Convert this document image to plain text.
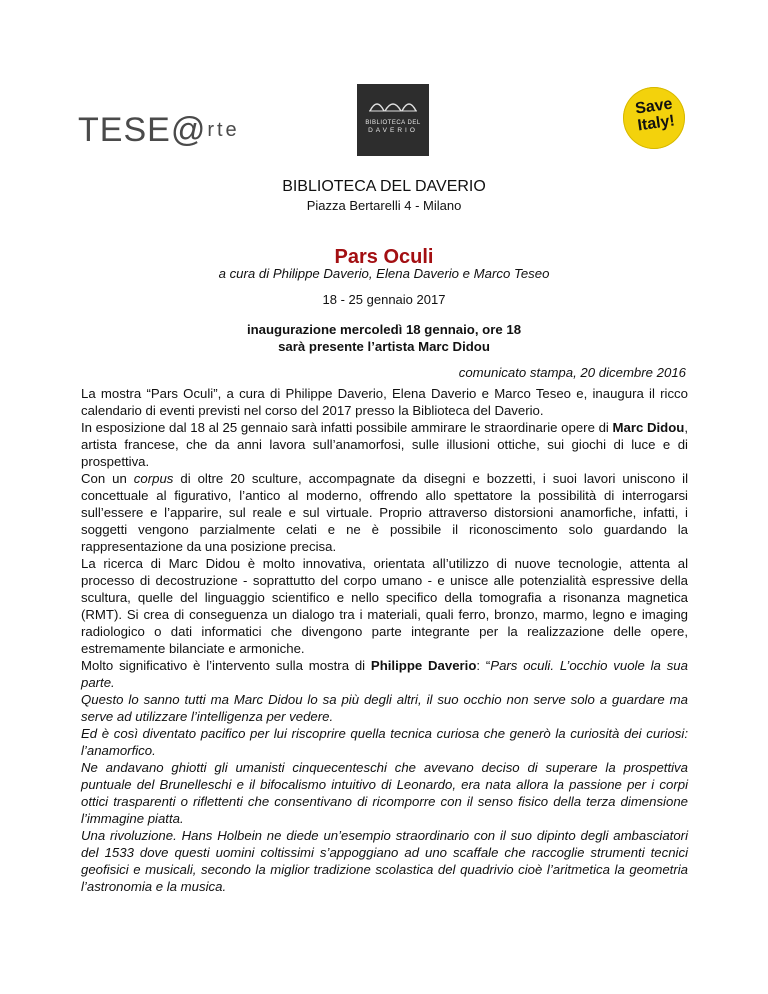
TESE @ rte	BIBLIOTECA DEL
DAVERIO
Save
Italy!
BIBLIOTECA DEL DAVERIO
Piazza Bertarelli 4 - Milano
Pars Oculi
a cura di Philippe Daverio, Elena Daverio e Marco Teseo
18 - 25 gennaio 2017
inaugurazione mercoledì 18 gennaio, ore 18
sarà presente l’artista Marc Didou
comunicato stampa, 20 dicembre 2016

La mostra “Pars Oculi”, a cura di Philippe Daverio, Elena Daverio e Marco Teseo e, inaugura il ricco calendario di eventi previsti nel corso del 2017 presso la Biblioteca del Daverio.

In esposizione dal 18 al 25 gennaio sarà infatti possibile ammirare le straordinarie opere di Marc Didou, artista francese, che da anni lavora sull’anamorfosi, sulle illusioni ottiche, sui giochi di luce e di prospettiva.

Con un corpus di oltre 20 sculture, accompagnate da disegni e bozzetti, i suoi lavori uniscono il concettuale al figurativo, l’antico al moderno, offrendo allo spettatore la possibilità di interrogarsi sull’essere e l’apparire, sul reale e sul virtuale. Proprio attraverso distorsioni anamorfiche, infatti, i soggetti vengono parzialmente celati e ne è possibile il riconoscimento solo guardando la rappresentazione da una posizione precisa.

La ricerca di Marc Didou è molto innovativa, orientata all’utilizzo di nuove tecnologie, attenta al processo di decostruzione - soprattutto del corpo umano - e unisce alle potenzialità espressive della scultura, quelle del linguaggio scientifico e nello specifico della tomografia a risonanza magnetica (RMT). Si crea di conseguenza un dialogo tra i materiali, quali ferro, bronzo, marmo, legno e imaging radiologico o dati informatici che divengono parte integrante per la realizzazione delle opere, estremamente bilanciate e armoniche.

Molto significativo è l’intervento sulla mostra di Philippe Daverio: “Pars oculi. L’occhio vuole la sua parte.

Questo lo sanno tutti ma Marc Didou lo sa più degli altri, il suo occhio non serve solo a guardare ma serve ad utilizzare l’intelligenza per vedere.

Ed è così diventato pacifico per lui riscoprire quella tecnica curiosa che generò la curiosità dei curiosi: l’anamorfico.

Ne andavano ghiotti gli umanisti cinquecenteschi che avevano deciso di superare la prospettiva puntuale del Brunelleschi e il bifocalismo intuitivo di Leonardo, era nata allora la passione per i corpi ottici trasparenti o riflettenti che consentivano di ricomporre con il senso fisico della terza dimensione l’immagine piatta.

Una rivoluzione. Hans Holbein ne diede un’esempio straordinario con il suo dipinto degli ambasciatori del 1533 dove questi uomini coltissimi s’appoggiano ad uno scaffale che raccoglie strumenti tecnici geofisici e musicali, secondo la miglior tradizione scolastica del quadrivio cioè l’aritmetica la geometria l’astronomia e la musica.
